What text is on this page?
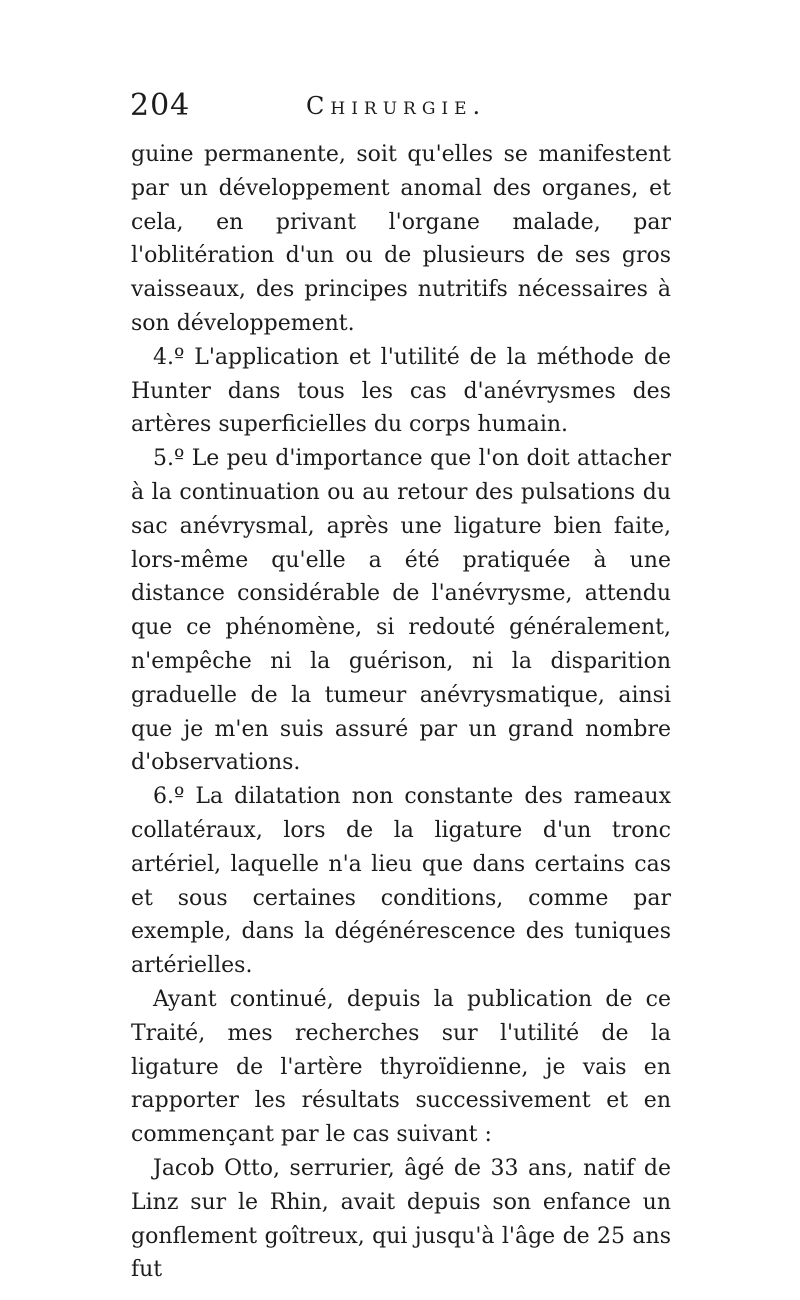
204	Chirurgie.

guine permanente, soit qu'elles se manifestent par un développement anomal des organes, et cela, en privant l'organe malade, par l'oblitération d'un ou de plusieurs de ses gros vaisseaux, des principes nutritifs nécessaires à son développement.

4.º L'application et l'utilité de la méthode de Hunter dans tous les cas d'anévrysmes des artères superficielles du corps humain.

5.º Le peu d'importance que l'on doit attacher à la continuation ou au retour des pulsations du sac anévrysmal, après une ligature bien faite, lors-même qu'elle a été pratiquée à une distance considérable de l'anévrysme, attendu que ce phénomène, si redouté généralement, n'empêche ni la guérison, ni la disparition graduelle de la tumeur anévrysmatique, ainsi que je m'en suis assuré par un grand nombre d'observations.

6.º La dilatation non constante des rameaux collatéraux, lors de la ligature d'un tronc artériel, laquelle n'a lieu que dans certains cas et sous certaines conditions, comme par exemple, dans la dégénérescence des tuniques artérielles.

Ayant continué, depuis la publication de ce Traité, mes recherches sur l'utilité de la ligature de l'artère thyroïdienne, je vais en rapporter les résultats successivement et en commençant par le cas suivant :

Jacob Otto, serrurier, âgé de 33 ans, natif de Linz sur le Rhin, avait depuis son enfance un gonflement goîtreux, qui jusqu'à l'âge de 25 ans fut
